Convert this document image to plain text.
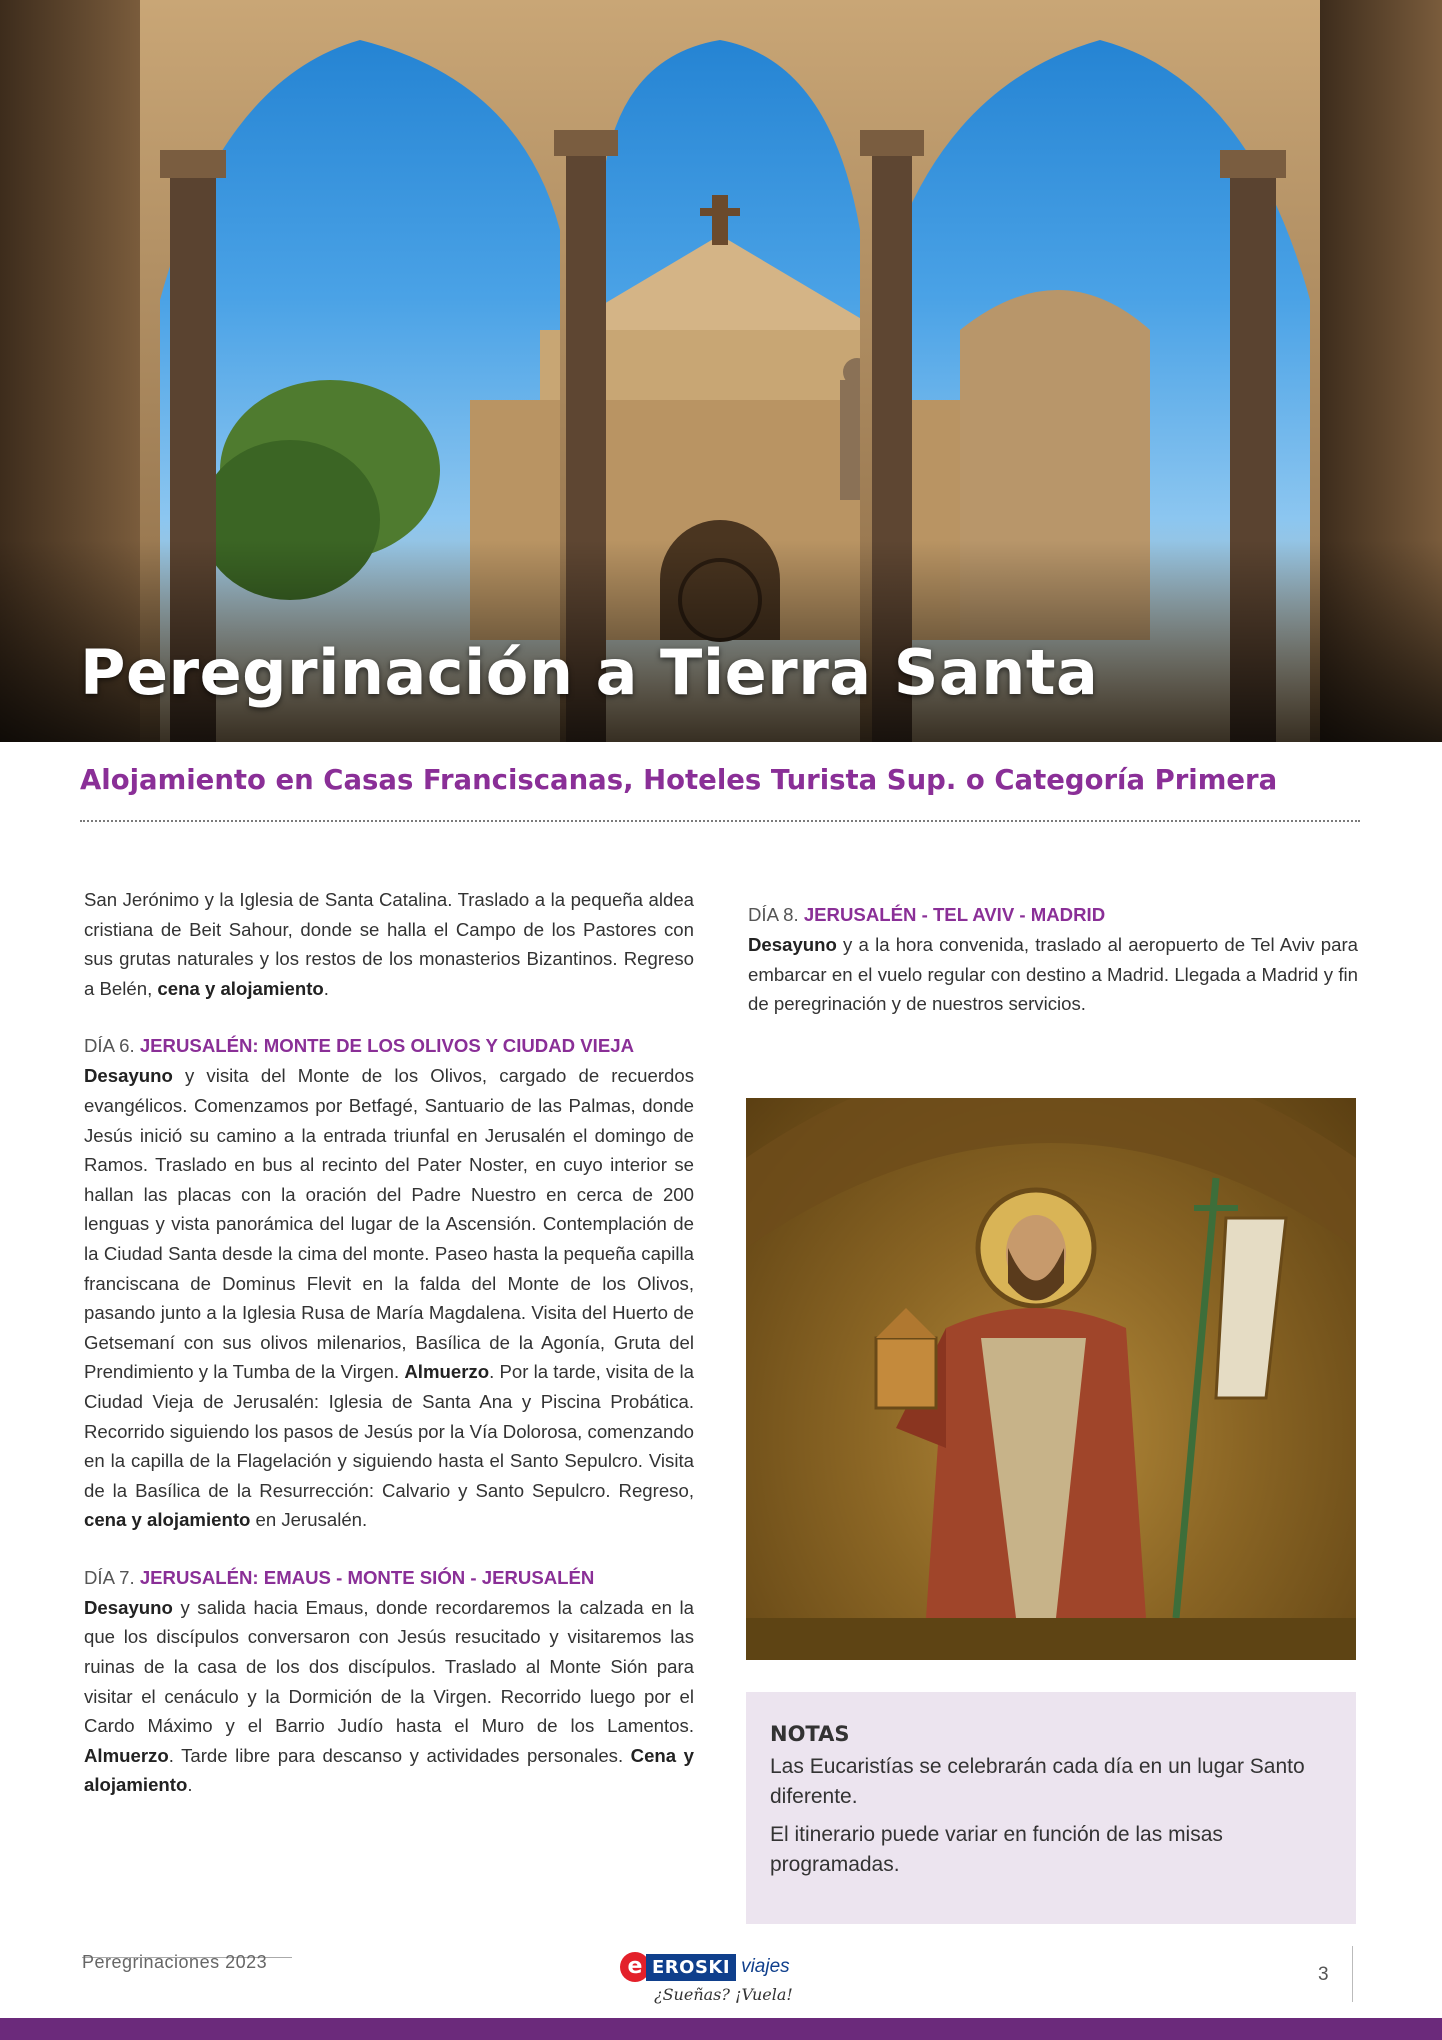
Peregrinación a Tierra Santa
Alojamiento en Casas Franciscanas, Hoteles Turista Sup. o Categoría Primera

San Jerónimo y la Iglesia de Santa Catalina. Traslado a la pequeña aldea cristiana de Beit Sahour, donde se halla el Campo de los Pastores con sus grutas naturales y los restos de los monasterios Bizantinos. Regreso a Belén, cena y alojamiento.

DÍA 6. JERUSALÉN: MONTE DE LOS OLIVOS Y CIUDAD VIEJA

Desayuno y visita del Monte de los Olivos, cargado de recuerdos evangélicos. Comenzamos por Betfagé, Santuario de las Palmas, donde Jesús inició su camino a la entrada triunfal en Jerusalén el domingo de Ramos. Traslado en bus al recinto del Pater Noster, en cuyo interior se hallan las placas con la oración del Padre Nuestro en cerca de 200 lenguas y vista panorámica del lugar de la Ascensión. Contemplación de la Ciudad Santa desde la cima del monte. Paseo hasta la pequeña capilla franciscana de Dominus Flevit en la falda del Monte de los Olivos, pasando junto a la Iglesia Rusa de María Magdalena. Visita del Huerto de Getsemaní con sus olivos milenarios, Basílica de la Agonía, Gruta del Prendimiento y la Tumba de la Virgen. Almuerzo. Por la tarde, visita de la Ciudad Vieja de Jerusalén: Iglesia de Santa Ana y Piscina Probática. Recorrido siguiendo los pasos de Jesús por la Vía Dolorosa, comenzando en la capilla de la Flagelación y siguiendo hasta el Santo Sepulcro. Visita de la Basílica de la Resurrección: Calvario y Santo Sepulcro. Regreso, cena y alojamiento en Jerusalén.

DÍA 7. JERUSALÉN: EMAUS - MONTE SIÓN - JERUSALÉN

Desayuno y salida hacia Emaus, donde recordaremos la calzada en la que los discípulos conversaron con Jesús resucitado y visitaremos las ruinas de la casa de los dos discípulos. Traslado al Monte Sión para visitar el cenáculo y la Dormición de la Virgen. Recorrido luego por el Cardo Máximo y el Barrio Judío hasta el Muro de los Lamentos. Almuerzo. Tarde libre para descanso y actividades personales. Cena y alojamiento.

DÍA 8. JERUSALÉN - TEL AVIV - MADRID

Desayuno y a la hora convenida, traslado al aeropuerto de Tel Aviv para embarcar en el vuelo regular con destino a Madrid. Llegada a Madrid y fin de peregrinación y de nuestros servicios.

NOTAS

Las Eucaristías se celebrarán cada día en un lugar Santo diferente.

El itinerario puede variar en función de las misas programadas.

Peregrinaciones 2023	e EROSKI viajes
¿Sueñas? ¡Vuela!
3
